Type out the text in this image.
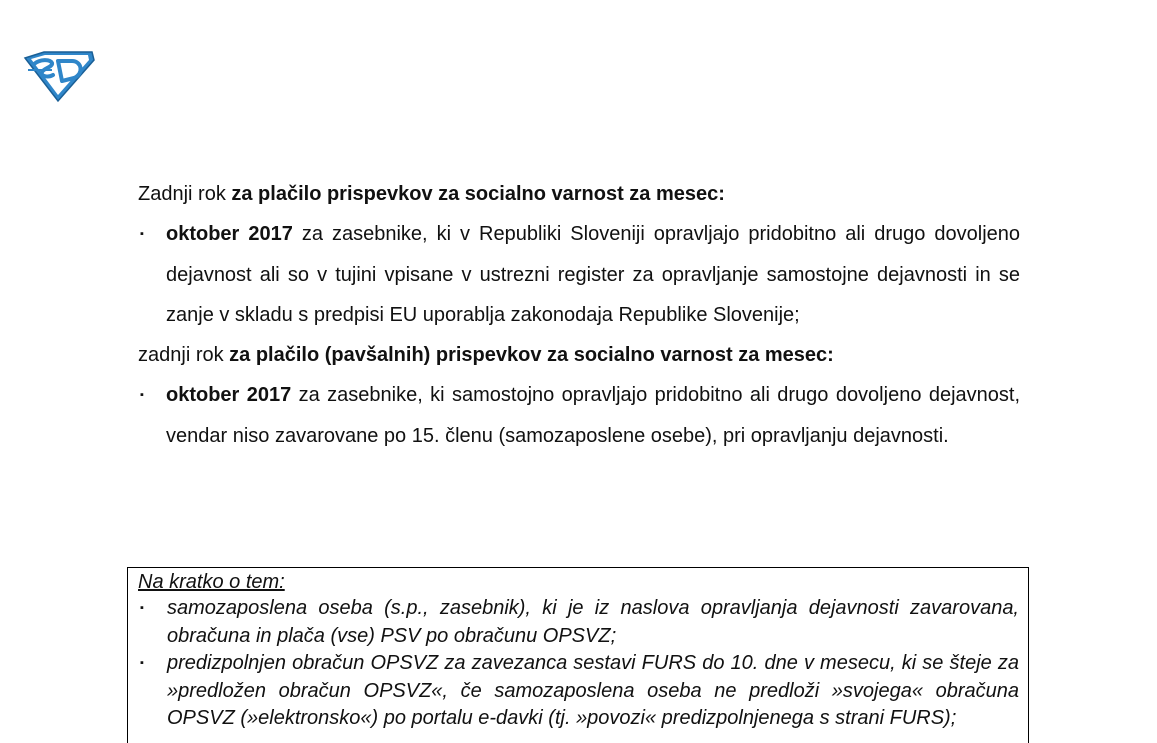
Zadnji rok za plačilo prispevkov za socialno varnost za mesec:

▪ oktober 2017 za zasebnike, ki v Republiki Sloveniji opravljajo pridobitno ali drugo dovoljeno dejavnost ali so v tujini vpisane v ustrezni register za opravljanje samostojne dejavnosti in se zanje v skladu s predpisi EU uporablja zakonodaja Republike Slovenije;

zadnji rok za plačilo (pavšalnih) prispevkov za socialno varnost za mesec:

▪ oktober 2017 za zasebnike, ki samostojno opravljajo pridobitno ali drugo dovoljeno dejavnost, vendar niso zavarovane po 15. členu (samozaposlene osebe), pri opravljanju dejavnosti.

Na kratko o tem:

▪ samozaposlena oseba (s.p., zasebnik), ki je iz naslova opravljanja dejavnosti zavarovana, obračuna in plača (vse) PSV po obračunu OPSVZ;
▪ predizpolnjen obračun OPSVZ za zavezanca sestavi FURS do 10. dne v mesecu, ki se šteje za »predložen obračun OPSVZ«, če samozaposlena oseba ne predloži »svojega« obračuna OPSVZ (»elektronsko«) po portalu e-davki (tj. »povozi« predizpolnjenega s strani FURS);
